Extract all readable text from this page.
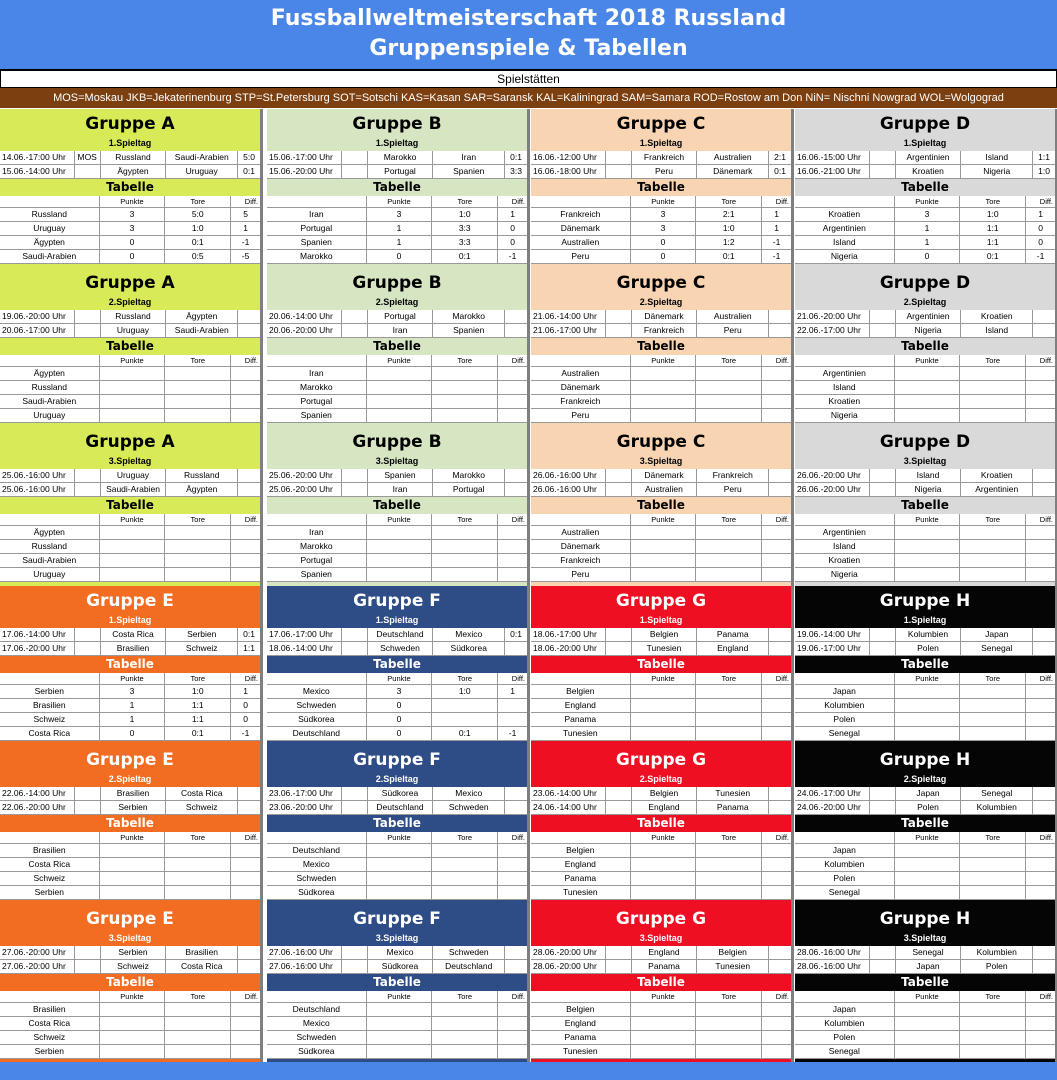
Fussballweltmeisterschaft 2018 Russland
Gruppenspiele & Tabellen
Spielstätten
MOS=Moskau JKB=Jekaterinenburg STP=St.Petersburg SOT=Sotschi KAS=Kasan SAR=Saransk KAL=Kaliningrad SAM=Samara ROD=Rostow am Don NiN= Nischni Nowgrad WOL=Wolgograd
Gruppe A
1.Spieltag
14.06.-17:00 Uhr	MOS	Russland	Saudi-Arabien	5:0
15.06.-14:00 Uhr	Ägypten	Uruguay	0:1
Tabelle
Punkte	Tore	Diff.
Russland	3	5:0	5
Uruguay	3	1:0	1
Ägypten	0	0:1	-1
Saudi-Arabien	0	0:5	-5
Gruppe B
1.Spieltag
15.06.-17:00 Uhr	Marokko	Iran	0:1
15.06.-20:00 Uhr	Portugal	Spanien	3:3
Tabelle
Punkte	Tore	Diff.
Iran	3	1:0	1
Portugal	1	3:3	0
Spanien	1	3:3	0
Marokko	0	0:1	-1
Gruppe C
1.Spieltag
16.06.-12:00 Uhr	Frankreich	Australien	2:1
16.06.-18:00 Uhr	Peru	Dänemark	0:1
Tabelle
Punkte	Tore	Diff.
Frankreich	3	2:1	1
Dänemark	3	1:0	1
Australien	0	1:2	-1
Peru	0	0:1	-1
Gruppe D
1.Spieltag
16.06.-15:00 Uhr	Argentinien	Island	1:1
16.06.-21:00 Uhr	Kroatien	Nigeria	1:0
Tabelle
Punkte	Tore	Diff.
Kroatien	3	1:0	1
Argentinien	1	1:1	0
Island	1	1:1	0
Nigeria	0	0:1	-1
Gruppe A
2.Spieltag
19.06.-20:00 Uhr	Russland	Ägypten
20.06.-17:00 Uhr	Uruguay	Saudi-Arabien
Tabelle
Punkte	Tore	Diff.
Ägypten
Russland
Saudi-Arabien
Uruguay
Gruppe B
2.Spieltag
20.06.-14:00 Uhr	Portugal	Marokko
20.06.-20:00 Uhr	Iran	Spanien
Tabelle
Punkte	Tore	Diff.
Iran
Marokko
Portugal
Spanien
Gruppe C
2.Spieltag
21.06.-14:00 Uhr	Dänemark	Australien
21.06.-17:00 Uhr	Frankreich	Peru
Tabelle
Punkte	Tore	Diff.
Australien
Dänemark
Frankreich
Peru
Gruppe D
2.Spieltag
21.06.-20:00 Uhr	Argentinien	Kroatien
22.06.-17:00 Uhr	Nigeria	Island
Tabelle
Punkte	Tore	Diff.
Argentinien
Island
Kroatien
Nigeria
Gruppe A
3.Spieltag
25.06.-16:00 Uhr	Uruguay	Russland
25.06.-16:00 Uhr	Saudi-Arabien	Ägypten
Tabelle
Punkte	Tore	Diff.
Ägypten
Russland
Saudi-Arabien
Uruguay
Gruppe B
3.Spieltag
25.06.-20:00 Uhr	Spanien	Marokko
25.06.-20:00 Uhr	Iran	Portugal
Tabelle
Punkte	Tore	Diff.
Iran
Marokko
Portugal
Spanien
Gruppe C
3.Spieltag
26.06.-16:00 Uhr	Dänemark	Frankreich
26.06.-16:00 Uhr	Australien	Peru
Tabelle
Punkte	Tore	Diff.
Australien
Dänemark
Frankreich
Peru
Gruppe D
3.Spieltag
26.06.-20:00 Uhr	Island	Kroatien
26.06.-20:00 Uhr	Nigeria	Argentinien
Tabelle
Punkte	Tore	Diff.
Argentinien
Island
Kroatien
Nigeria
Gruppe E
1.Spieltag
17.06.-14:00 Uhr	Costa Rica	Serbien	0:1
17.06.-20:00 Uhr	Brasilien	Schweiz	1:1
Tabelle
Punkte	Tore	Diff.
Serbien	3	1:0	1
Brasilien	1	1:1	0
Schweiz	1	1:1	0
Costa Rica	0	0:1	-1
Gruppe F
1.Spieltag
17.06.-17:00 Uhr	Deutschland	Mexico	0:1
18.06.-14:00 Uhr	Schweden	Südkorea
Tabelle
Punkte	Tore	Diff.
Mexico	3	1:0	1
Schweden	0
Südkorea	0
Deutschland	0	0:1	-1
Gruppe G
1.Spieltag
18.06.-17:00 Uhr	Belgien	Panama
18.06.-20:00 Uhr	Tunesien	England
Tabelle
Punkte	Tore	Diff.
Belgien
England
Panama
Tunesien
Gruppe H
1.Spieltag
19.06.-14:00 Uhr	Kolumbien	Japan
19.06.-17:00 Uhr	Polen	Senegal
Tabelle
Punkte	Tore	Diff.
Japan
Kolumbien
Polen
Senegal
Gruppe E
2.Spieltag
22.06.-14:00 Uhr	Brasilien	Costa Rica
22.06.-20:00 Uhr	Serbien	Schweiz
Tabelle
Punkte	Tore	Diff.
Brasilien
Costa Rica
Schweiz
Serbien
Gruppe F
2.Spieltag
23.06.-17:00 Uhr	Südkorea	Mexico
23.06.-20:00 Uhr	Deutschland	Schweden
Tabelle
Punkte	Tore	Diff.
Deutschland
Mexico
Schweden
Südkorea
Gruppe G
2.Spieltag
23.06.-14:00 Uhr	Belgien	Tunesien
24.06.-14:00 Uhr	England	Panama
Tabelle
Punkte	Tore	Diff.
Belgien
England
Panama
Tunesien
Gruppe H
2.Spieltag
24.06.-17:00 Uhr	Japan	Senegal
24.06.-20:00 Uhr	Polen	Kolumbien
Tabelle
Punkte	Tore	Diff.
Japan
Kolumbien
Polen
Senegal
Gruppe E
3.Spieltag
27.06.-20:00 Uhr	Serbien	Brasilien
27.06.-20:00 Uhr	Schweiz	Costa Rica
Tabelle
Punkte	Tore	Diff.
Brasilien
Costa Rica
Schweiz
Serbien
Gruppe F
3.Spieltag
27.06.-16:00 Uhr	Mexico	Schweden
27.06.-16:00 Uhr	Südkorea	Deutschland
Tabelle
Punkte	Tore	Diff.
Deutschland
Mexico
Schweden
Südkorea
Gruppe G
3.Spieltag
28.06.-20:00 Uhr	England	Belgien
28.06.-20:00 Uhr	Panama	Tunesien
Tabelle
Punkte	Tore	Diff.
Belgien
England
Panama
Tunesien
Gruppe H
3.Spieltag
28.06.-16:00 Uhr	Senegal	Kolumbien
28.06.-16:00 Uhr	Japan	Polen
Tabelle
Punkte	Tore	Diff.
Japan
Kolumbien
Polen
Senegal
